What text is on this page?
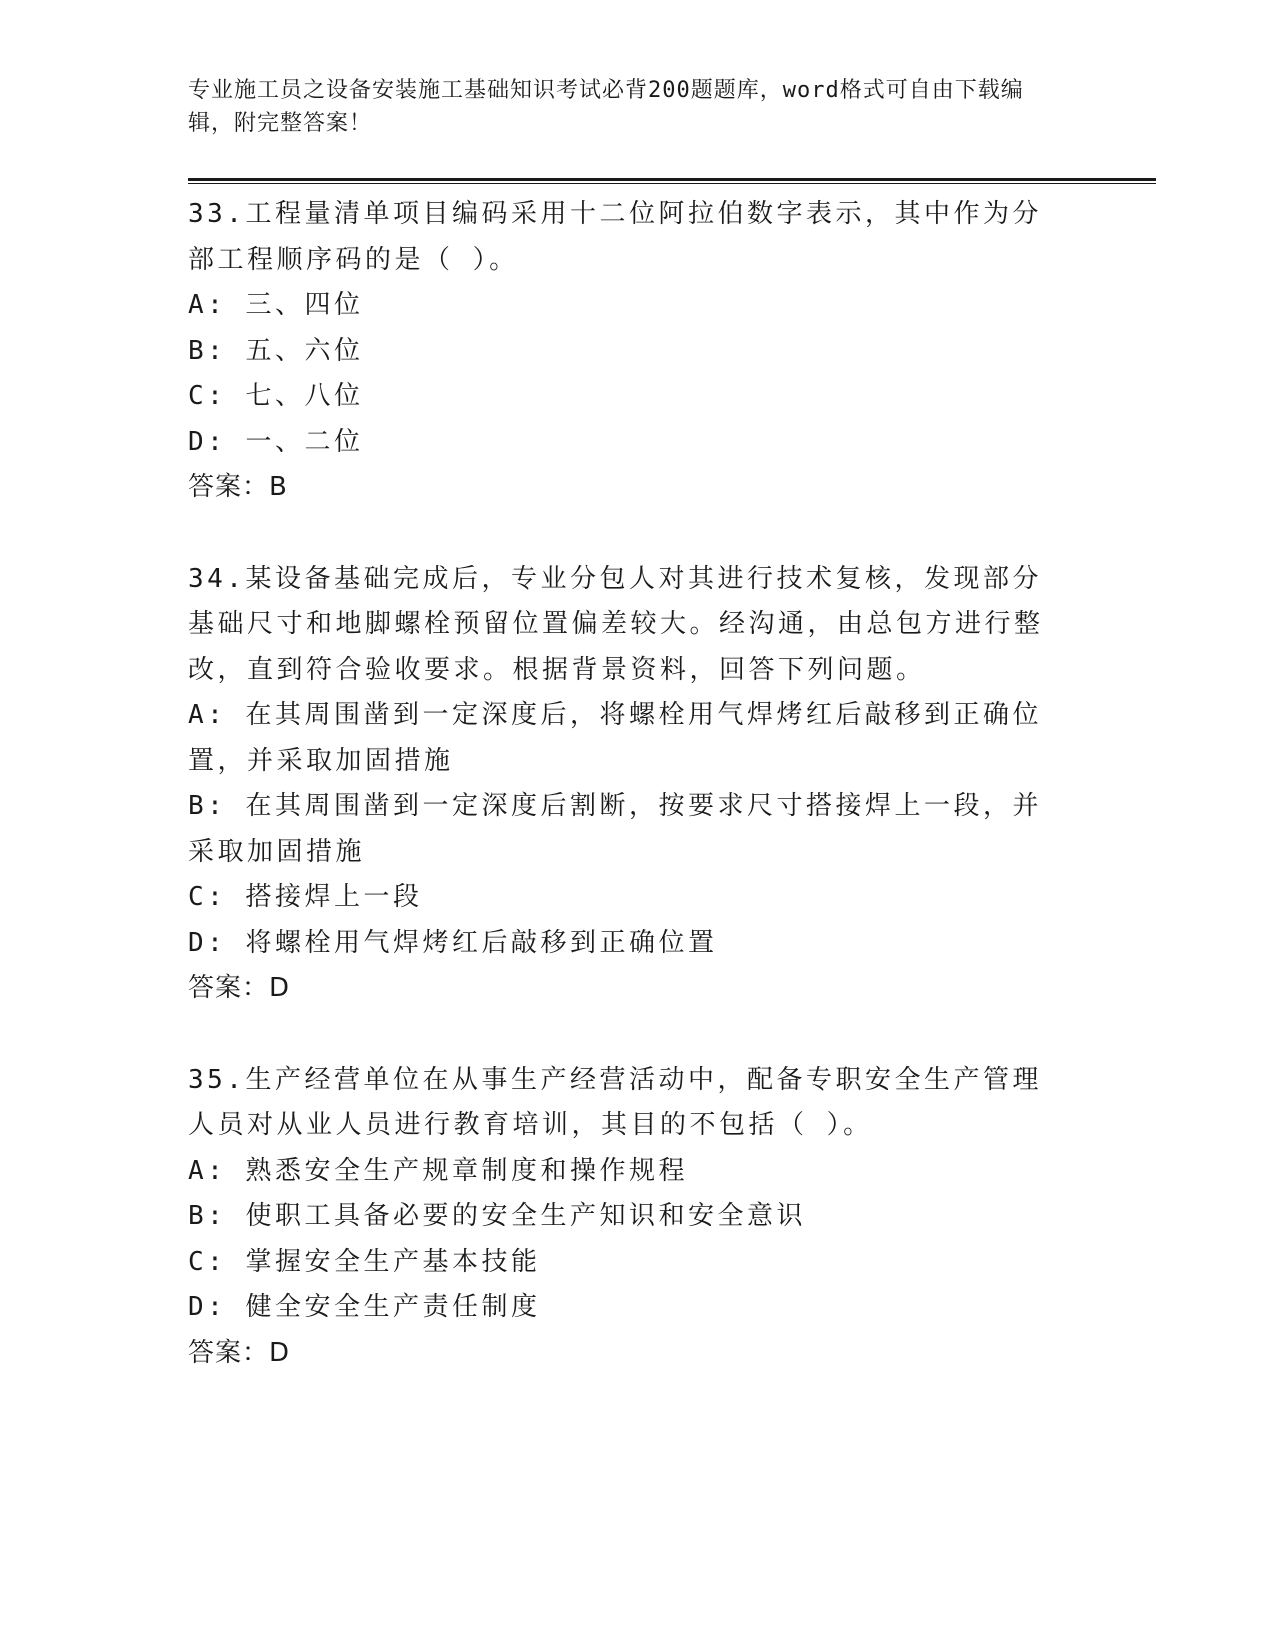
专业施工员之设备安装施工基础知识考试必背200题题库，word格式可自由下载编辑，附完整答案！

33.工程量清单项目编码采用十二位阿拉伯数字表示，其中作为分部工程顺序码的是（ ）。

A: 三、四位

B: 五、六位

C: 七、八位

D: 一、二位

答案：B

34.某设备基础完成后，专业分包人对其进行技术复核，发现部分基础尺寸和地脚螺栓预留位置偏差较大。经沟通，由总包方进行整改，直到符合验收要求。根据背景资料，回答下列问题。

A: 在其周围凿到一定深度后，将螺栓用气焊烤红后敲移到正确位置，并采取加固措施

B: 在其周围凿到一定深度后割断，按要求尺寸搭接焊上一段，并采取加固措施

C: 搭接焊上一段

D: 将螺栓用气焊烤红后敲移到正确位置

答案：D

35.生产经营单位在从事生产经营活动中，配备专职安全生产管理人员对从业人员进行教育培训，其目的不包括（ ）。

A: 熟悉安全生产规章制度和操作规程

B: 使职工具备必要的安全生产知识和安全意识

C: 掌握安全生产基本技能

D: 健全安全生产责任制度

答案：D
